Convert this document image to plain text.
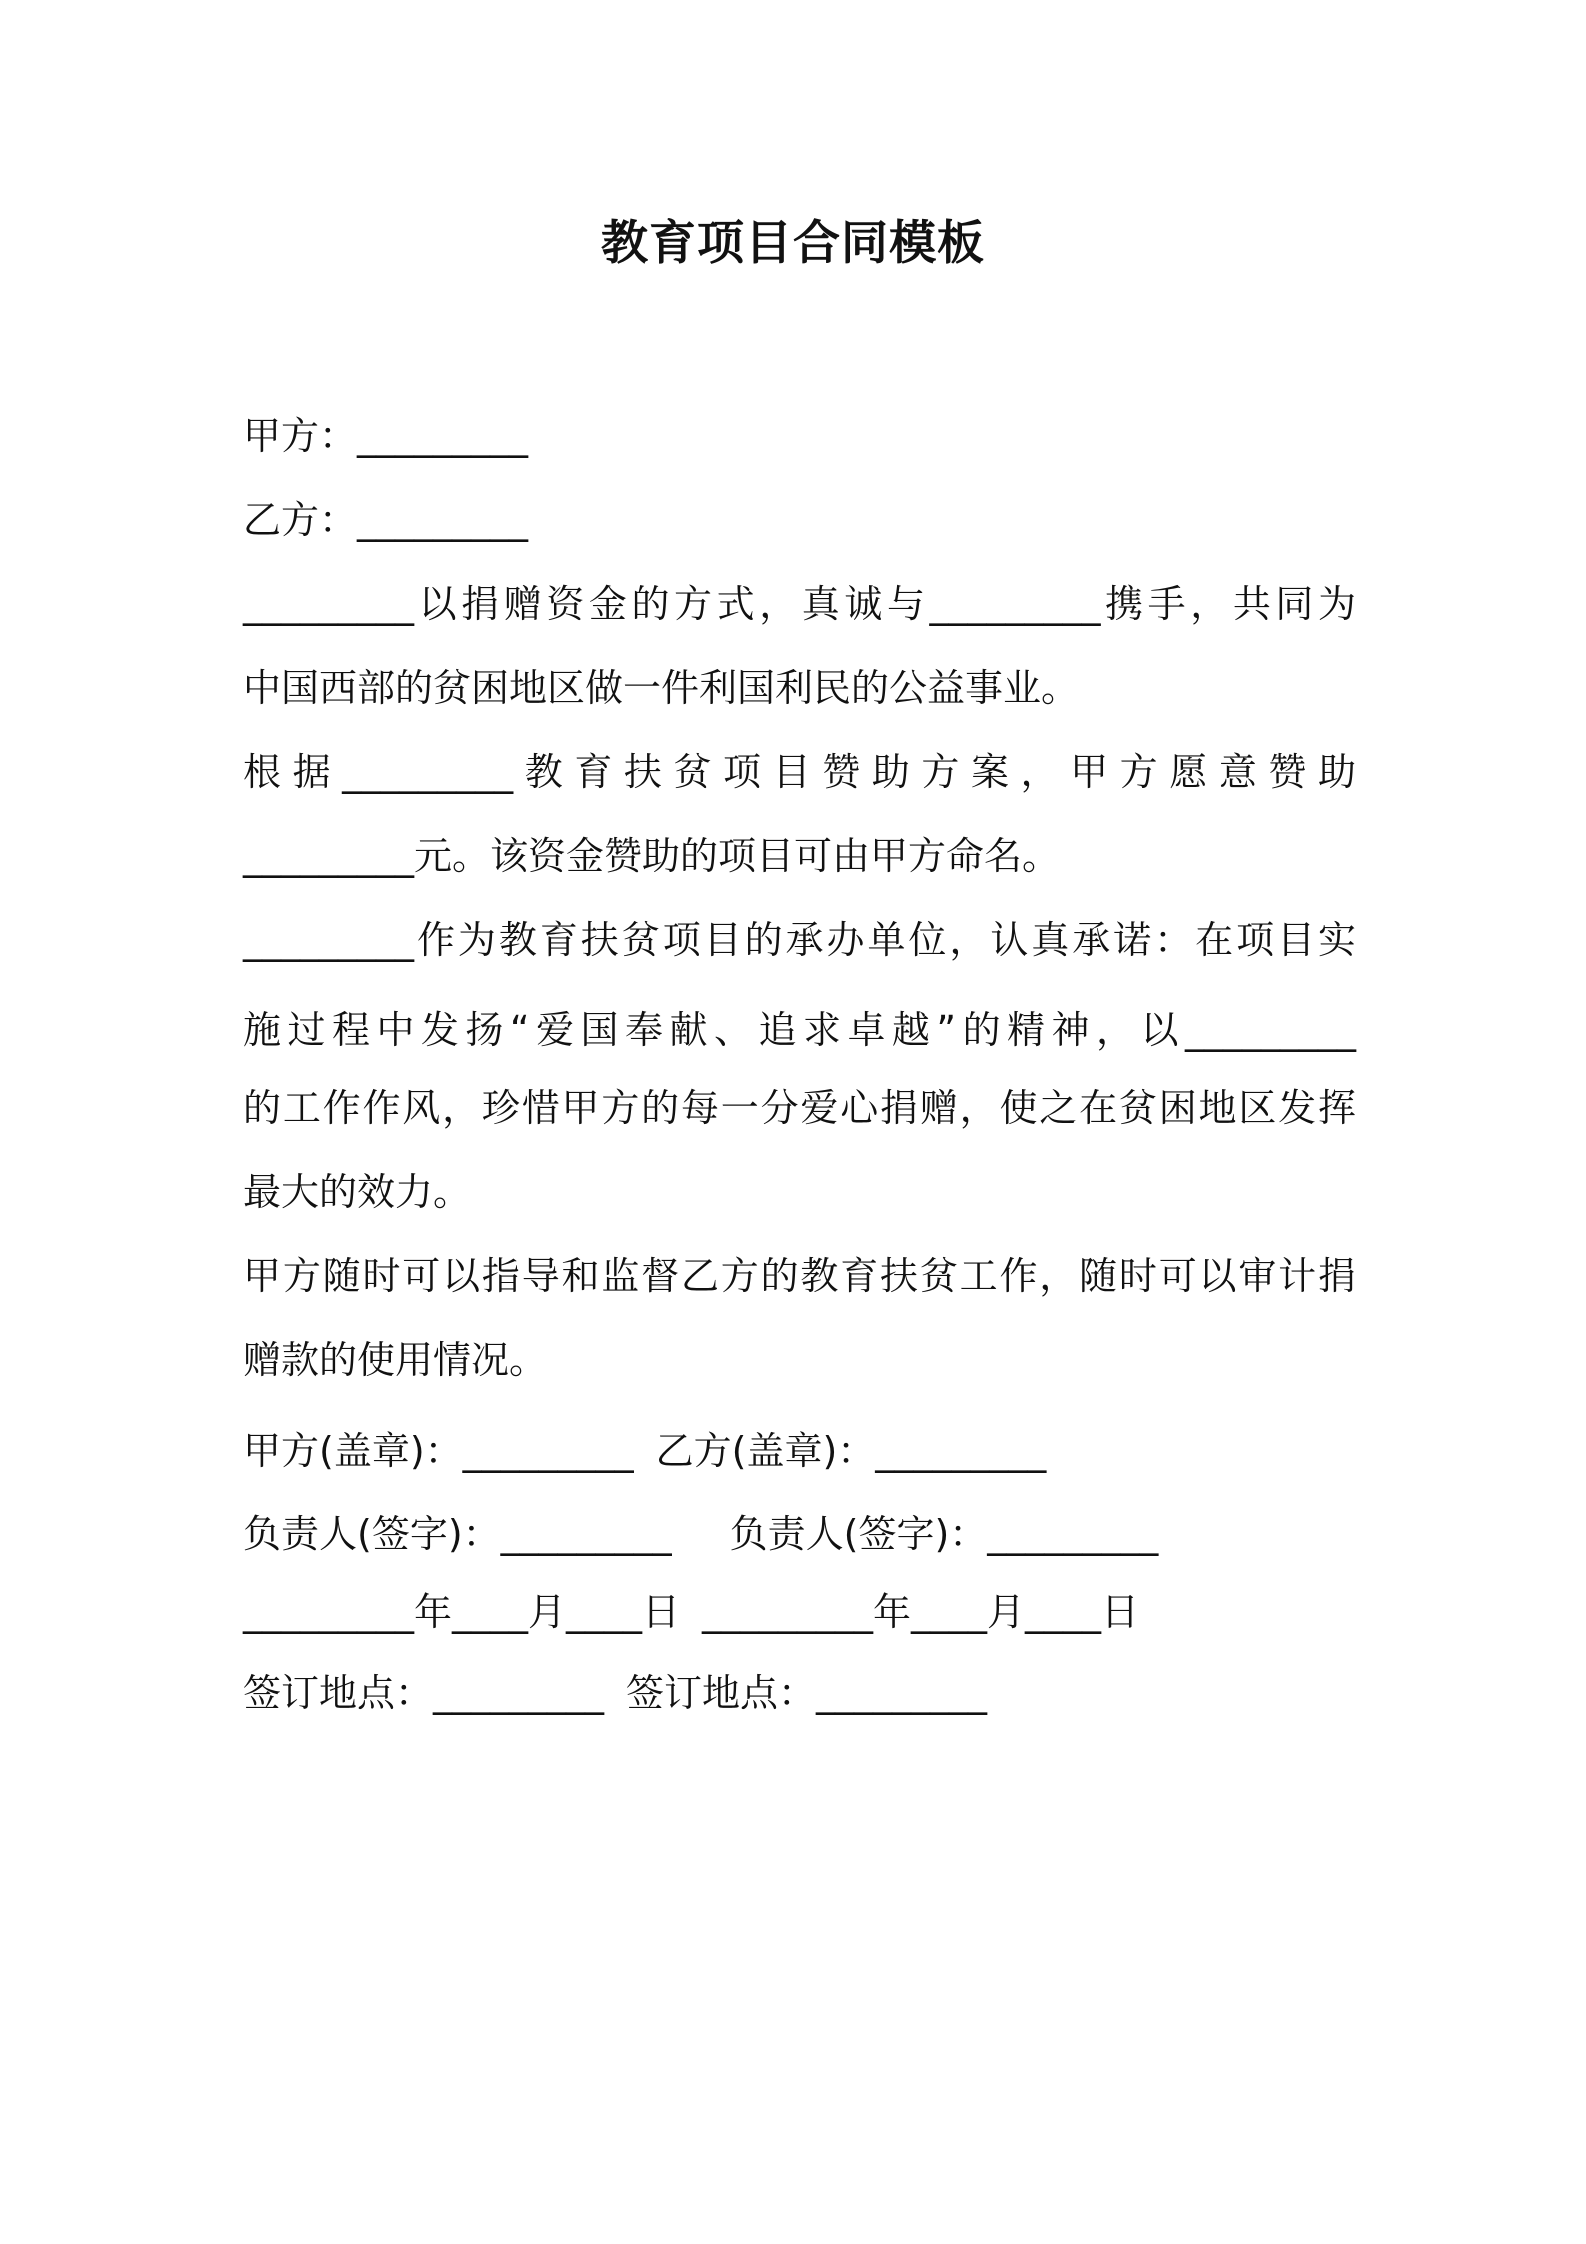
教育项目合同模板
甲方：_________
乙方：_________
_________以捐赠资金的方式，真诚与_________携手，共同为
中国西部的贫困地区做一件利国利民的公益事业。
根据_________教育扶贫项目赞助方案，甲方愿意赞助
_________元。该资金赞助的项目可由甲方命名。
_________作为教育扶贫项目的承办单位，认真承诺：在项目实
施过程中发扬“爱国奉献、追求卓越”的精神，以_________
的工作作风，珍惜甲方的每一分爱心捐赠，使之在贫困地区发挥
最大的效力。
甲方随时可以指导和监督乙方的教育扶贫工作，随时可以审计捐
赠款的使用情况。
甲方(盖章)：_________ 乙方(盖章)：_________
负责人(签字)：_________ 负责人(签字)：_________
_________年____月____日 _________年____月____日
签订地点：_________ 签订地点：_________
